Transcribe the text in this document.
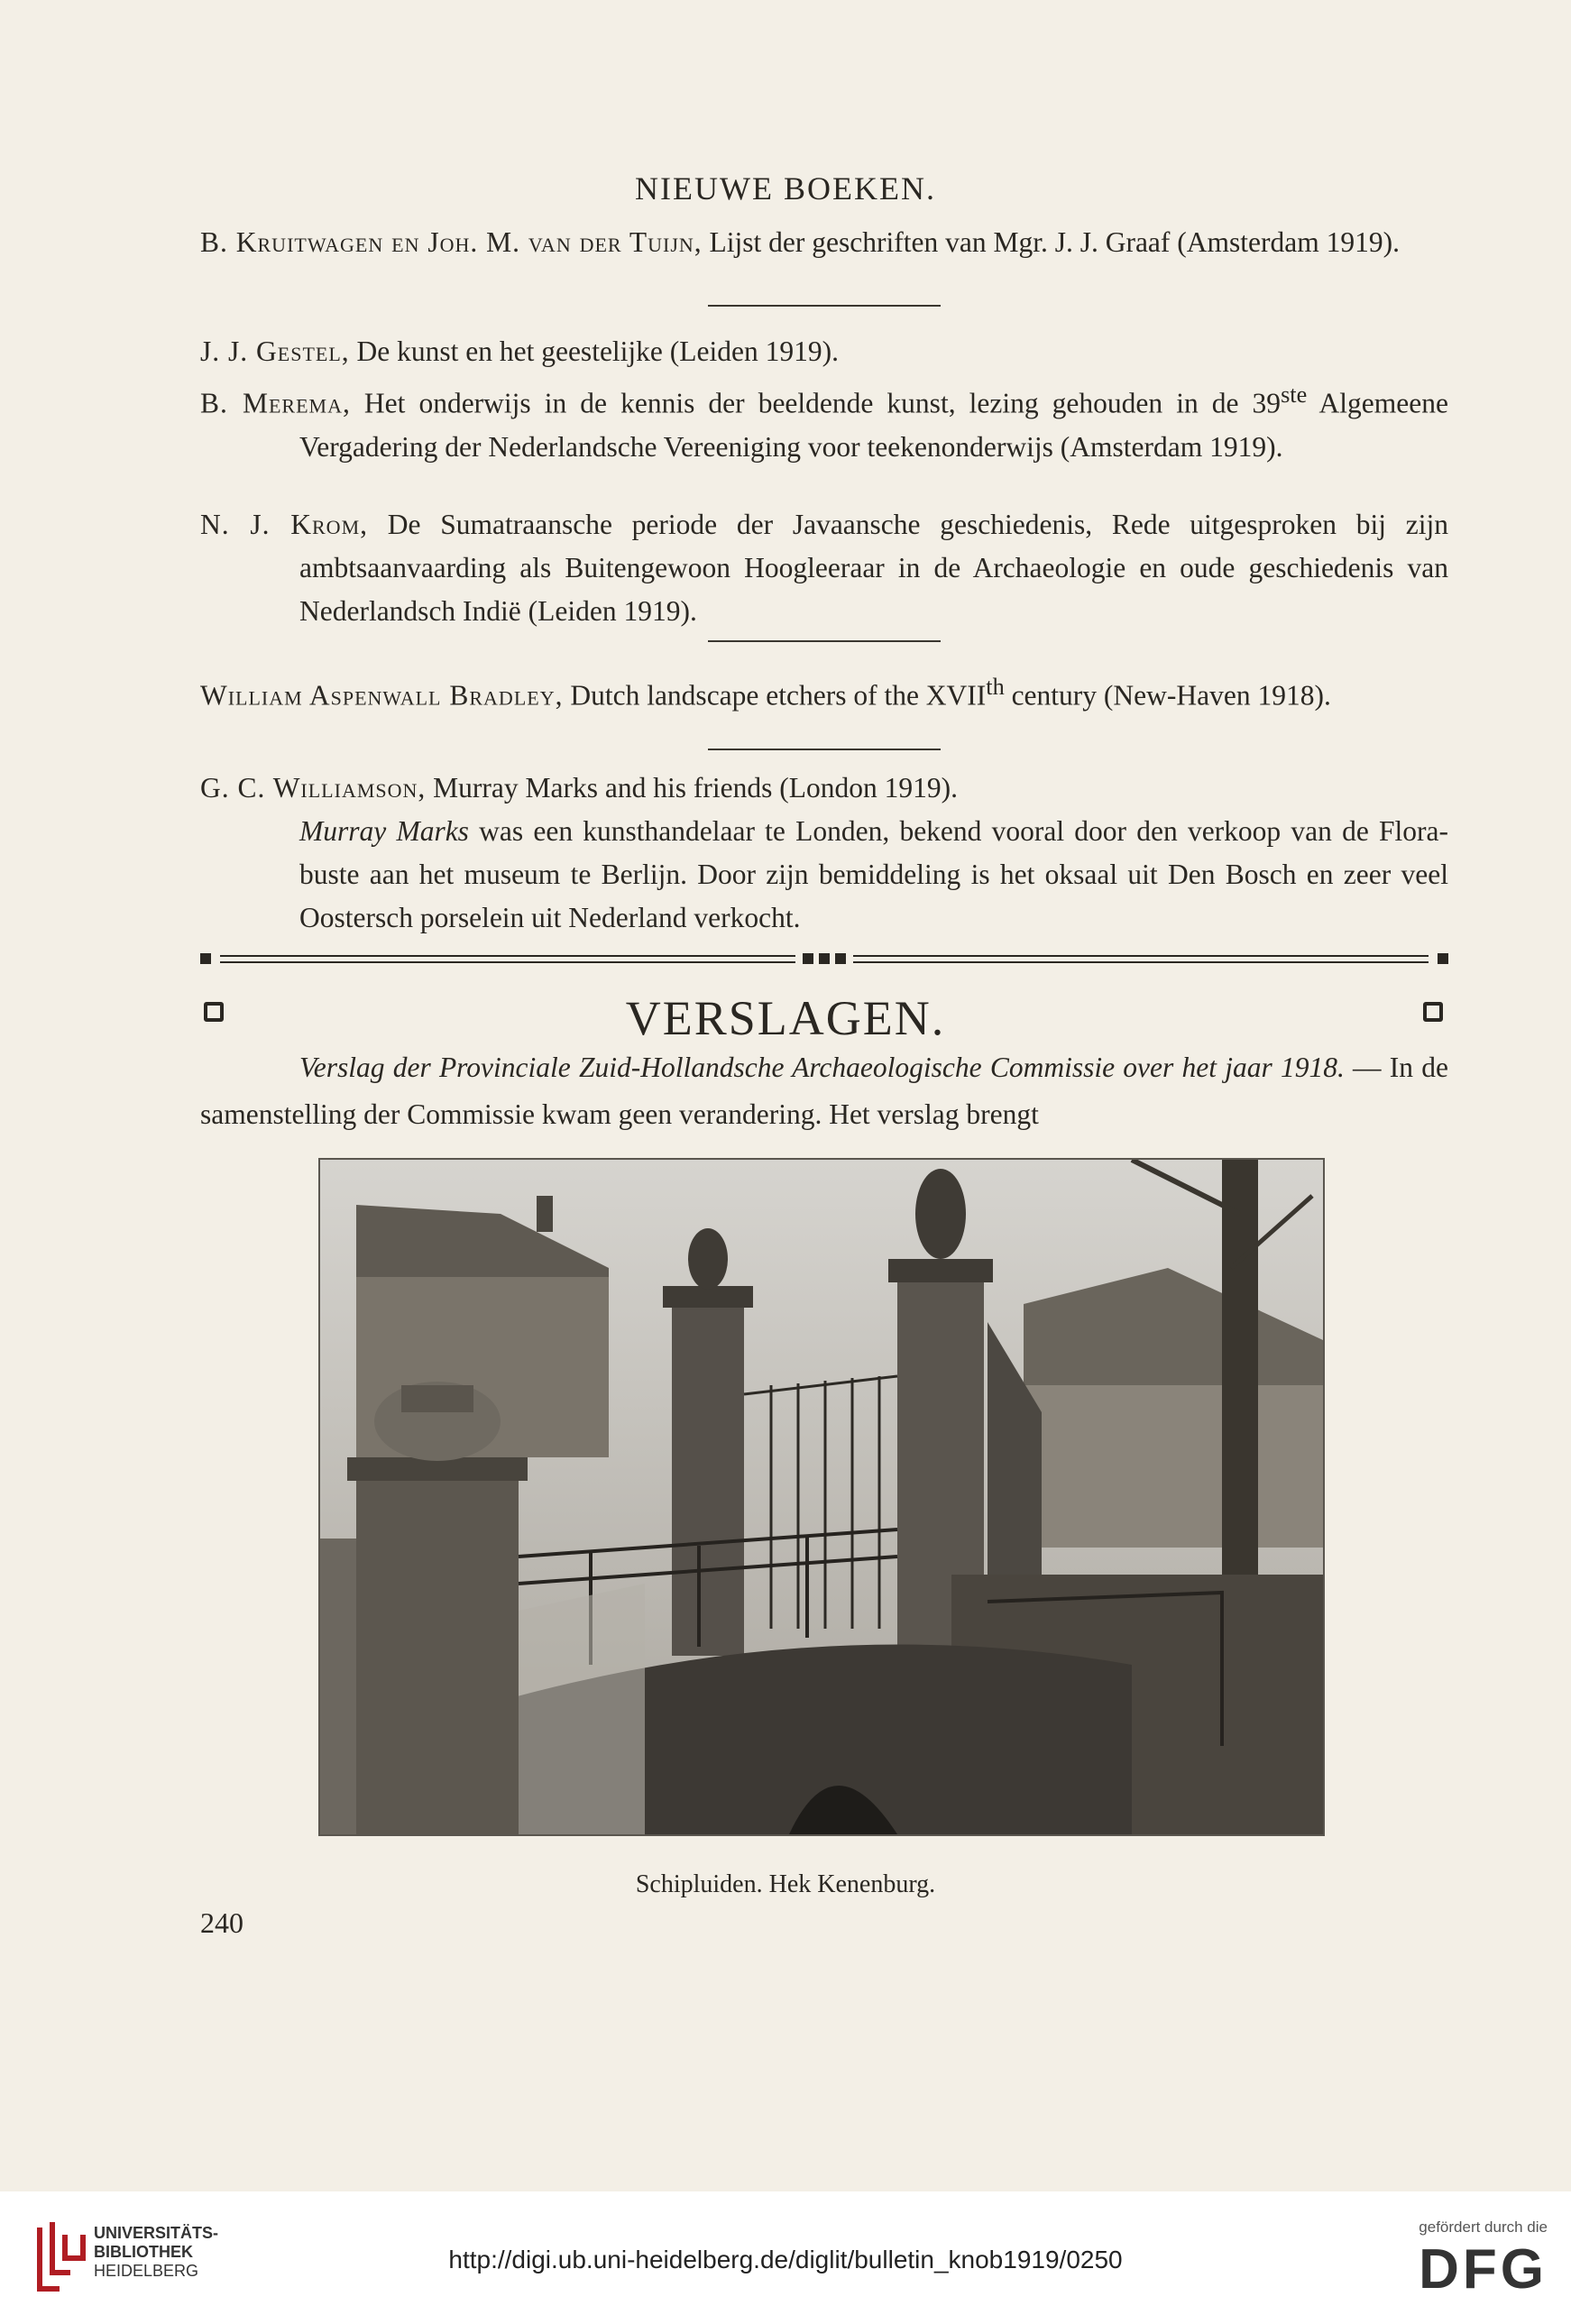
NIEUWE BOEKEN.
B. Kruitwagen en Joh. M. van der Tuijn, Lijst der geschriften van Mgr. J. J. Graaf (Amsterdam 1919).
J. J. Gestel, De kunst en het geestelijke (Leiden 1919).
B. Merema, Het onderwijs in de kennis der beeldende kunst, lezing gehouden in de 39ste Algemeene Vergadering der Nederlandsche Vereeniging voor teekenonderwijs (Amsterdam 1919).
N. J. Krom, De Sumatraansche periode der Javaansche geschiedenis, Rede uitgesproken bij zijn ambtsaanvaarding als Buitengewoon Hoogleeraar in de Archaeologie en oude geschiedenis van Nederlandsch Indië (Leiden 1919).
William Aspenwall Bradley, Dutch landscape etchers of the XVIIth century (New-Haven 1918).
G. C. Williamson, Murray Marks and his friends (London 1919).
Murray Marks was een kunsthandelaar te Londen, bekend vooral door den verkoop van de Flora-buste aan het museum te Berlijn. Door zijn bemiddeling is het oksaal uit Den Bosch en zeer veel Oostersch porselein uit Nederland verkocht.
VERSLAGEN.
Verslag der Provinciale Zuid-Hollandsche Archaeologische Commissie over het jaar 1918. — In de samenstelling der Commissie kwam geen verandering. Het verslag brengt
Schipluiden. Hek Kenenburg.
240
UNIVERSITÄTS-
BIBLIOTHEK
HEIDELBERG	http://digi.ub.uni-heidelberg.de/diglit/bulletin_knob1919/0250
gefördert durch die
DFG
